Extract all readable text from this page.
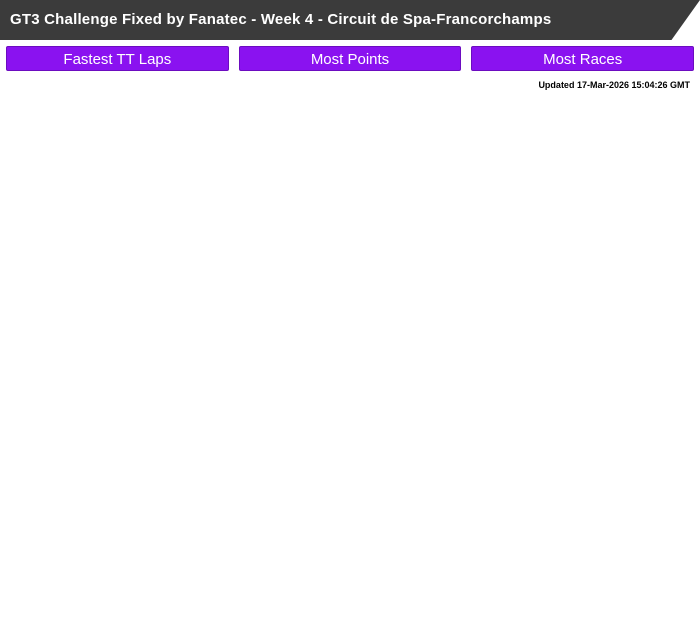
GT3 Challenge Fixed by Fanatec - Week 4 - Circuit de Spa-Francorchamps
Fastest TT Laps	Most Points	Most Races
Updated 17-Mar-2026 15:04:26 GMT
